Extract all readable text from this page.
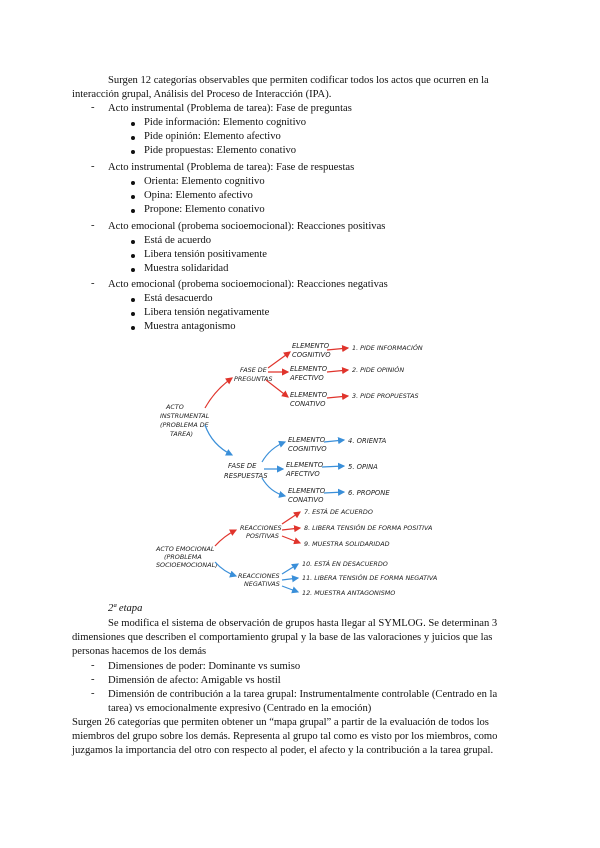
Surgen 12 categorías observables que permiten codificar todos los actos que ocurren en la
interacción grupal, Análisis del Proceso de Interacción (IPA).
- Acto instrumental (Problema de tarea): Fase de preguntas
Pide información: Elemento cognitivo
Pide opinión: Elemento afectivo
Pide propuestas: Elemento conativo
- Acto instrumental (Problema de tarea): Fase de respuestas
Orienta: Elemento cognitivo
Opina: Elemento afectivo
Propone: Elemento conativo
- Acto emocional (probema socioemocional): Reacciones positivas
Está de acuerdo
Libera tensión positivamente
Muestra solidaridad
- Acto emocional (probema socioemocional): Reacciones negativas
Está desacuerdo
Libera tensión negativamente
Muestra antagonismo
ACTO
INSTRUMENTAL
(PROBLEMA DE
TAREA)
FASE DE
PREGUNTAS
ELEMENTO
COGNITIVO
ELEMENTO
AFECTIVO
ELEMENTO
CONATIVO
1. PIDE INFORMACIÓN
2. PIDE OPINIÓN
3. PIDE PROPUESTAS
FASE DE
RESPUESTAS
ELEMENTO
COGNITIVO
ELEMENTO
AFECTIVO
ELEMENTO
CONATIVO
4. ORIENTA
5. OPINA
6. PROPONE
ACTO EMOCIONAL
(PROBLEMA
SOCIOEMOCIONAL)
REACCIONES
POSITIVAS
7. ESTÁ DE ACUERDO
8. LIBERA TENSIÓN DE FORMA POSITIVA
9. MUESTRA SOLIDARIDAD
REACCIONES
NEGATIVAS
10. ESTÁ EN DESACUERDO
11. LIBERA TENSIÓN DE FORMA NEGATIVA
12. MUESTRA ANTAGONISMO
2ª etapa
Se modifica el sistema de observación de grupos hasta llegar al SYMLOG. Se determinan 3
dimensiones que describen el comportamiento grupal y la base de las valoraciones y juicios que las
personas hacemos de los demás
- Dimensiones de poder: Dominante vs sumiso
- Dimensión de afecto: Amigable vs hostil
- Dimensión de contribución a la tarea grupal: Instrumentalmente controlable (Centrado en la
tarea) vs emocionalmente expresivo (Centrado en la emoción)
Surgen 26 categorías que permiten obtener un “mapa grupal” a partir de la evaluación de todos los
miembros del grupo sobre los demás. Representa al grupo tal como es visto por los miembros, como
juzgamos la importancia del otro con respecto al poder, el afecto y la contribución a la tarea grupal.
